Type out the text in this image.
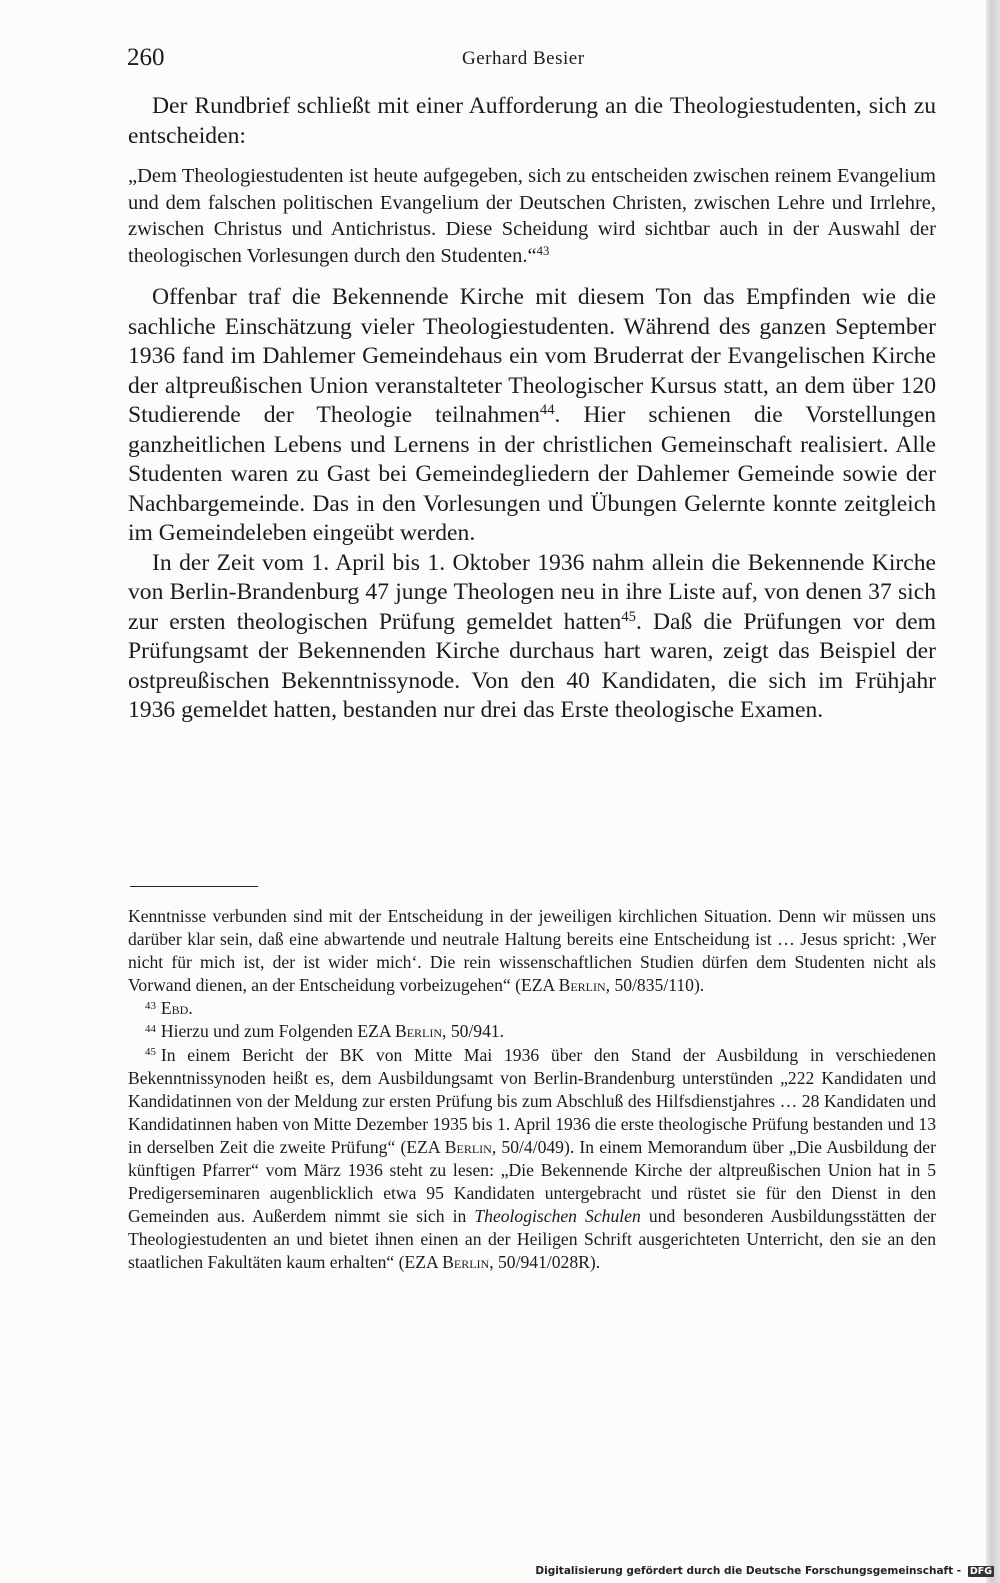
260	Gerhard Besier

Der Rundbrief schließt mit einer Aufforderung an die Theologiestudenten, sich zu entscheiden:

„Dem Theologiestudenten ist heute aufgegeben, sich zu entscheiden zwischen reinem Evangelium und dem falschen politischen Evangelium der Deutschen Christen, zwischen Lehre und Irrlehre, zwischen Christus und Antichristus. Diese Scheidung wird sichtbar auch in der Auswahl der theologischen Vorlesungen durch den Studenten.“$^{43}$

Offenbar traf die Bekennende Kirche mit diesem Ton das Empfinden wie die sachliche Einschätzung vieler Theologiestudenten. Während des ganzen September 1936 fand im Dahlemer Gemeindehaus ein vom Bruderrat der Evangelischen Kirche der altpreußischen Union veranstalteter Theologischer Kursus statt, an dem über 120 Studierende der Theologie teilnahmen$^{44}$. Hier schienen die Vorstellungen ganzheitlichen Lebens und Lernens in der christlichen Gemeinschaft realisiert. Alle Studenten waren zu Gast bei Gemeindegliedern der Dahlemer Gemeinde sowie der Nachbargemeinde. Das in den Vorlesungen und Übungen Gelernte konnte zeitgleich im Gemeindeleben eingeübt werden.

In der Zeit vom 1. April bis 1. Oktober 1936 nahm allein die Bekennende Kirche von Berlin-Brandenburg 47 junge Theologen neu in ihre Liste auf, von denen 37 sich zur ersten theologischen Prüfung gemeldet hatten$^{45}$. Daß die Prüfungen vor dem Prüfungsamt der Bekennenden Kirche durchaus hart waren, zeigt das Beispiel der ostpreußischen Bekenntnissynode. Von den 40 Kandidaten, die sich im Frühjahr 1936 gemeldet hatten, bestanden nur drei das Erste theologische Examen.

Kenntnisse verbunden sind mit der Entscheidung in der jeweiligen kirchlichen Situation. Denn wir müssen uns darüber klar sein, daß eine abwartende und neutrale Haltung bereits eine Entscheidung ist … Jesus spricht: ‚Wer nicht für mich ist, der ist wider mich‘. Die rein wissenschaftlichen Studien dürfen dem Studenten nicht als Vorwand dienen, an der Entscheidung vorbeizugehen“ (EZA Berlin, 50/835/110).

$^{43}$ Ebd.

$^{44}$ Hierzu und zum Folgenden EZA Berlin, 50/941.

$^{45}$ In einem Bericht der BK von Mitte Mai 1936 über den Stand der Ausbildung in verschiedenen Bekenntnissynoden heißt es, dem Ausbildungsamt von Berlin-Brandenburg unterstünden „222 Kandidaten und Kandidatinnen von der Meldung zur ersten Prüfung bis zum Abschluß des Hilfsdienstjahres … 28 Kandidaten und Kandidatinnen haben von Mitte Dezember 1935 bis 1. April 1936 die erste theologische Prüfung bestanden und 13 in derselben Zeit die zweite Prüfung“ (EZA Berlin, 50/4/049). In einem Memorandum über „Die Ausbildung der künftigen Pfarrer“ vom März 1936 steht zu lesen: „Die Bekennende Kirche der altpreußischen Union hat in 5 Predigerseminaren augenblicklich etwa 95 Kandidaten untergebracht und rüstet sie für den Dienst in den Gemeinden aus. Außerdem nimmt sie sich in Theologischen Schulen und besonderen Ausbildungsstätten der Theologiestudenten an und bietet ihnen einen an der Heiligen Schrift ausgerichteten Unterricht, den sie an den staatlichen Fakultäten kaum erhalten“ (EZA Berlin, 50/941/028R).

Digitalisierung gefördert durch die Deutsche Forschungsgemeinschaft - DFG
